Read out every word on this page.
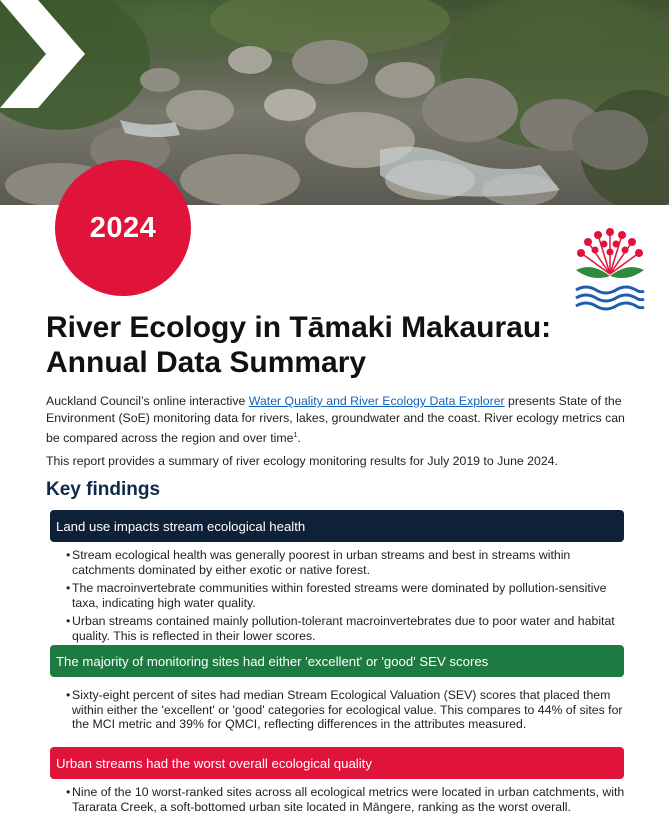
2024
River Ecology in Tāmaki Makaurau: Annual Data Summary

Auckland Council’s online interactive Water Quality and River Ecology Data Explorer presents State of the Environment (SoE) monitoring data for rivers, lakes, groundwater and the coast. River ecology metrics can be compared across the region and over time$^1$.

This report provides a summary of river ecology monitoring results for July 2019 to June 2024.

Key findings
Land use impacts stream ecological health
• Stream ecological health was generally poorest in urban streams and best in streams within catchments dominated by either exotic or native forest.
• The macroinvertebrate communities within forested streams were dominated by pollution-sensitive taxa, indicating high water quality.
• Urban streams contained mainly pollution-tolerant macroinvertebrates due to poor water and habitat quality. This is reflected in their lower scores.
The majority of monitoring sites had either 'excellent' or 'good' SEV scores
• Sixty-eight percent of sites had median Stream Ecological Valuation (SEV) scores that placed them within either the 'excellent' or 'good' categories for ecological value. This compares to 44% of sites for the MCI metric and 39% for QMCI, reflecting differences in the attributes measured.
Urban streams had the worst overall ecological quality
• Nine of the 10 worst-ranked sites across all ecological metrics were located in urban catchments, with Tararata Creek, a soft-bottomed urban site located in Māngere, ranking as the worst overall.
